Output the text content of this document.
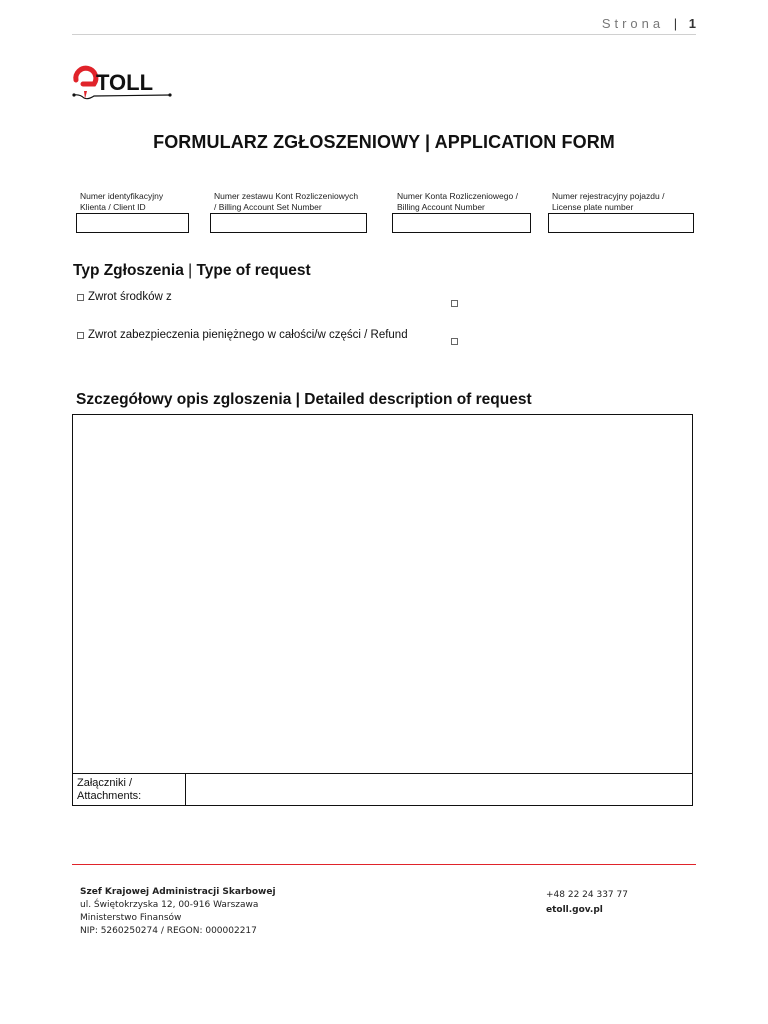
Strona | 1
TOLL
FORMULARZ ZGŁOSZENIOWY | APPLICATION FORM
Numer identyfikacyjny
Klienta / Client ID
Numer zestawu Kont Rozliczeniowych
/ Billing Account Set Number
Numer Konta Rozliczeniowego /
Billing Account Number
Numer rejestracyjny pojazdu /
License plate number
Typ Zgłoszenia | Type of request
Zwrot środków z
Zwrot zabezpieczenia pieniężnego w całości/w części / Refund
Szczegółowy opis zgloszenia | Detailed description of request
Załączniki /
Attachments:
Szef Krajowej Administracji Skarbowej
ul. Świętokrzyska 12, 00-916 Warszawa
Ministerstwo Finansów
NIP: 5260250274 / REGON: 000002217
+48 22 24 337 77
etoll.gov.pl
